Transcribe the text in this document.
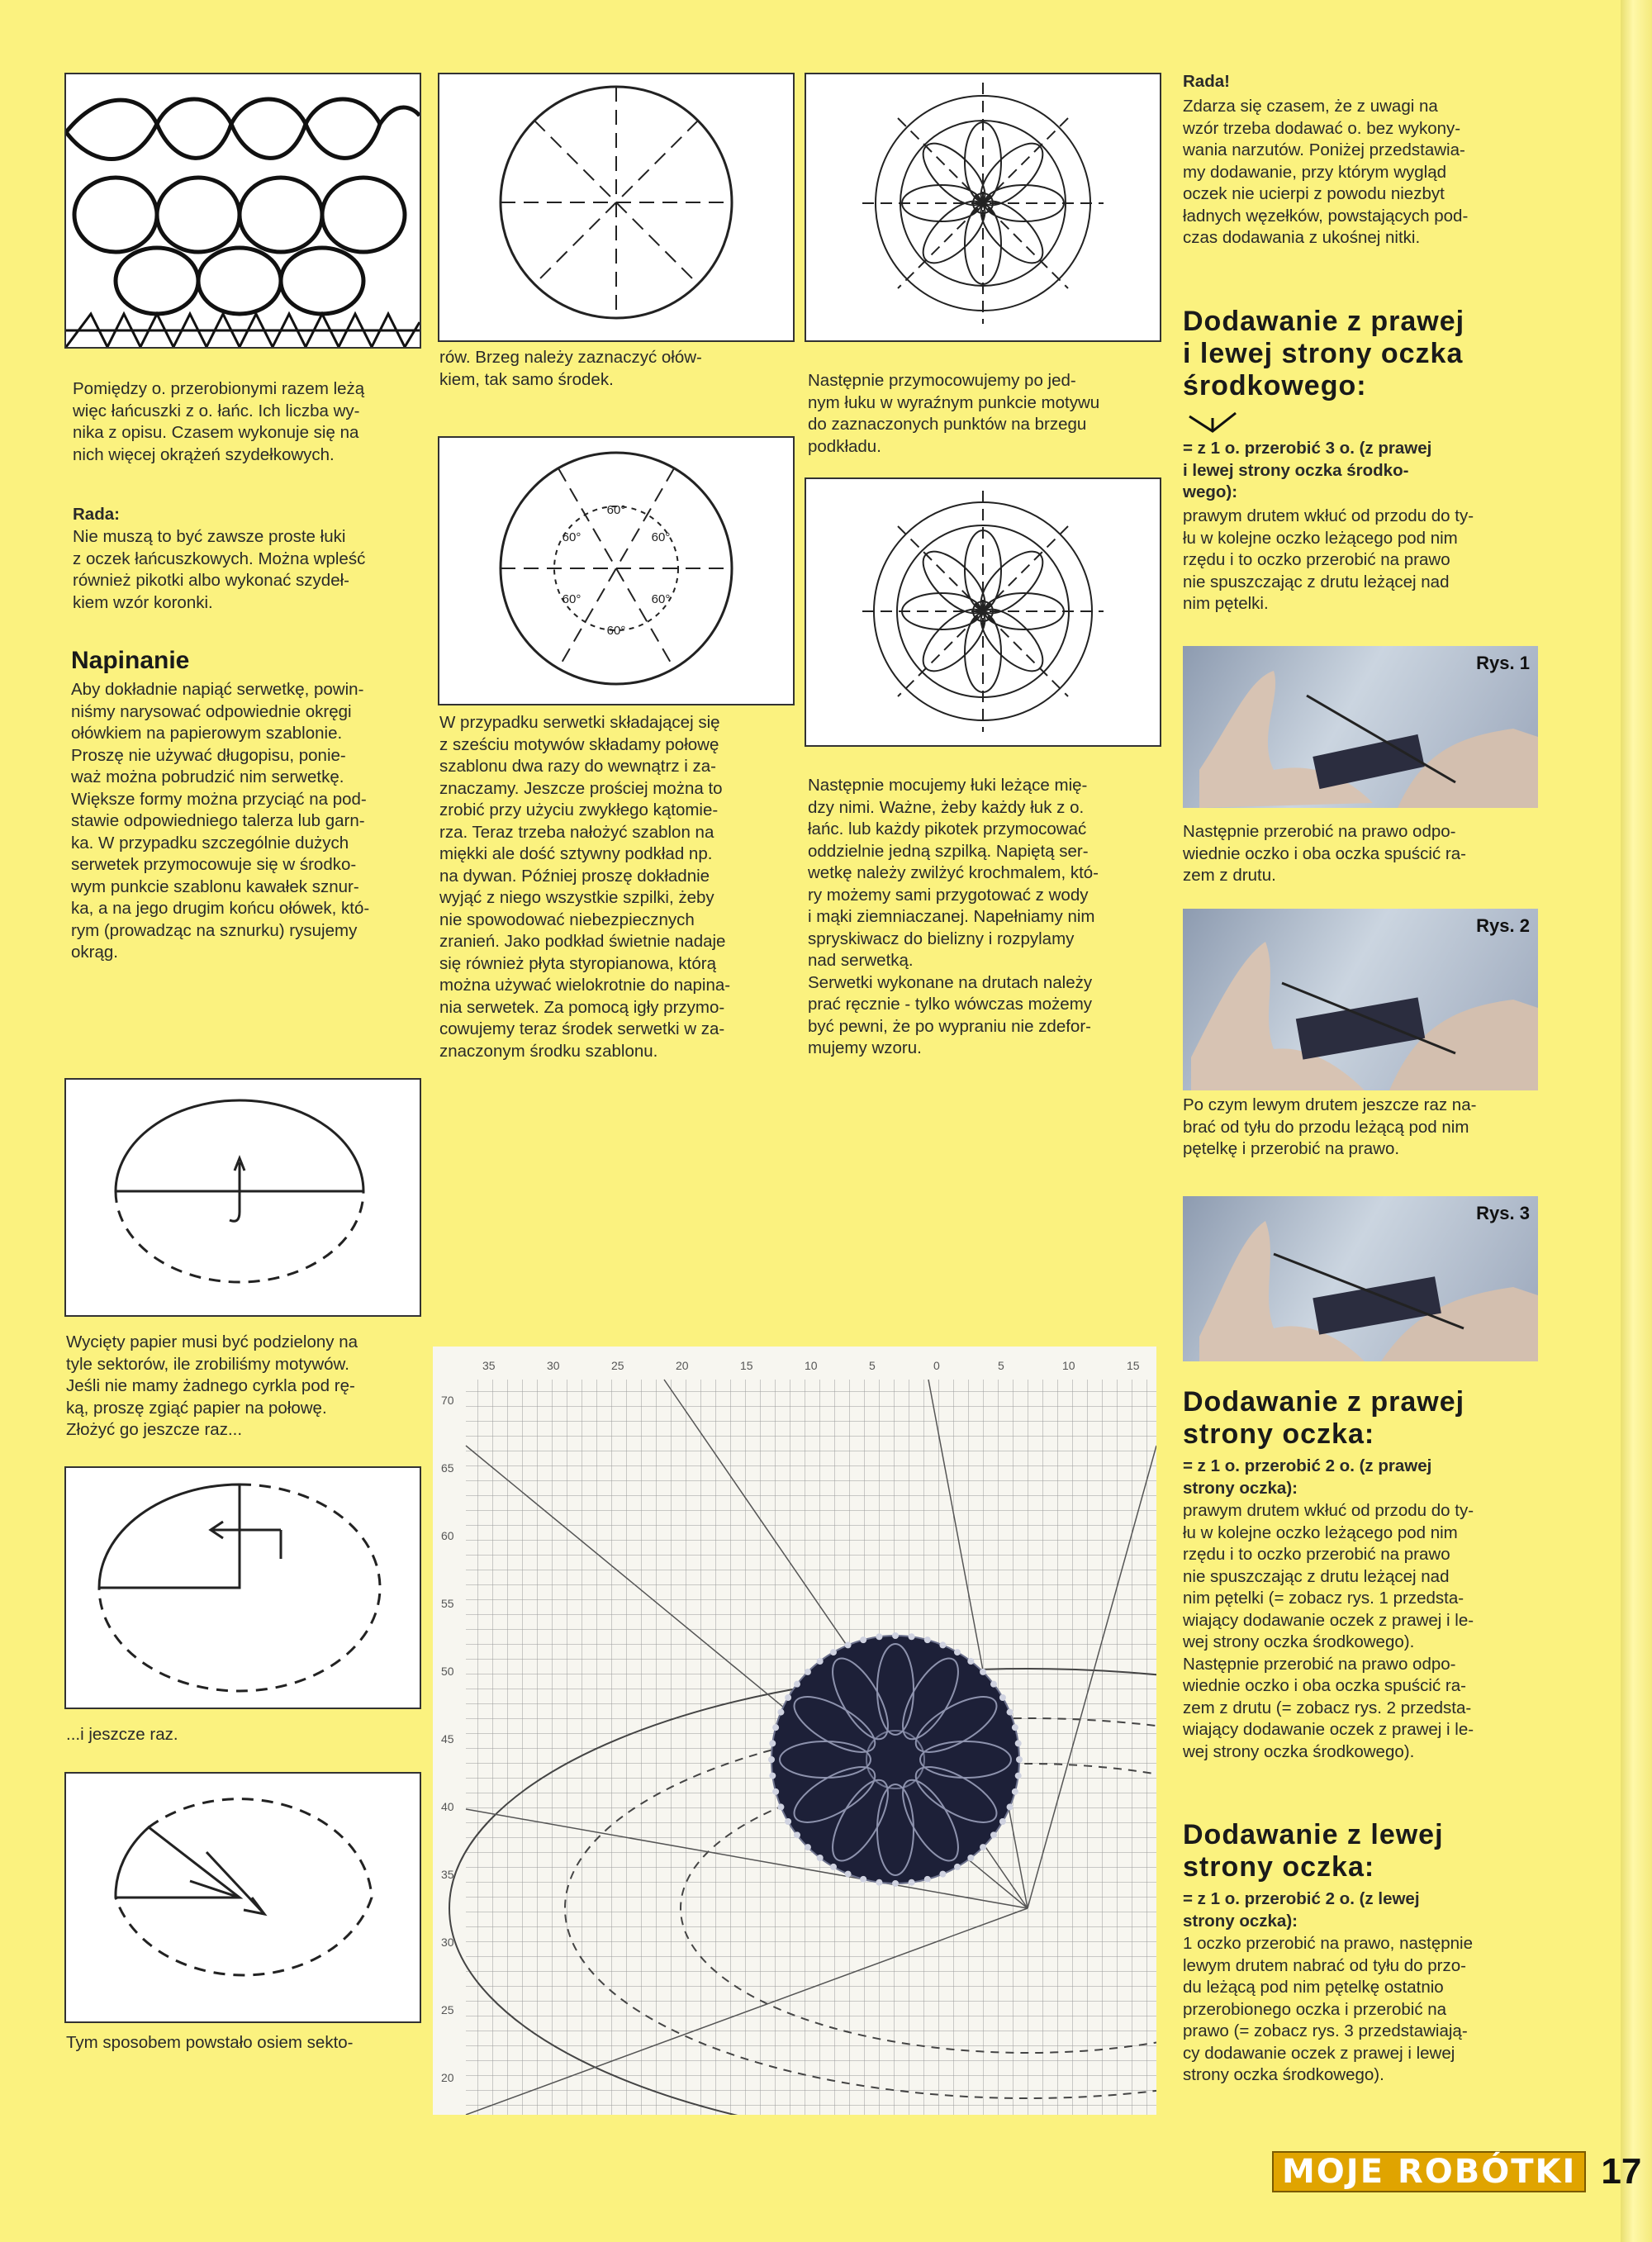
Pomiędzy o. przerobionymi razem leżą
więc łańcuszki z o. łańc. Ich liczba wy-
nika z opisu. Czasem wykonuje się na
nich więcej okrążeń szydełkowych.
Rada:
Nie muszą to być zawsze proste łuki
z oczek łańcuszkowych. Można wpleść
również pikotki albo wykonać szydeł-
kiem wzór koronki.
Napinanie
Aby dokładnie napiąć serwetkę, powin-
niśmy narysować odpowiednie okręgi
ołówkiem na papierowym szablonie.
Proszę nie używać długopisu, ponie-
waż można pobrudzić nim serwetkę.
Większe formy można przyciąć na pod-
stawie odpowiedniego talerza lub garn-
ka. W przypadku szczególnie dużych
serwetek przymocowuje się w środko-
wym punkcie szablonu kawałek sznur-
ka, a na jego drugim końcu ołówek, któ-
rym (prowadząc na sznurku) rysujemy
okrąg.
Wycięty papier musi być podzielony na
tyle sektorów, ile zrobiliśmy motywów.
Jeśli nie mamy żadnego cyrkla pod rę-
ką, proszę zgiąć papier na połowę.
Złożyć go jeszcze raz...
...i jeszcze raz.
Tym sposobem powstało osiem sekto-
rów. Brzeg należy zaznaczyć ołów-
kiem, tak samo środek.
60°
60°
60°	60°
60°	60°
W przypadku serwetki składającej się
z sześciu motywów składamy połowę
szablonu dwa razy do wewnątrz i za-
znaczamy. Jeszcze prościej można to
zrobić przy użyciu zwykłego kątomie-
rza. Teraz trzeba nałożyć szablon na
miękki ale dość sztywny podkład np.
na dywan. Później proszę dokładnie
wyjąć z niego wszystkie szpilki, żeby
nie spowodować niebezpiecznych
zranień. Jako podkład świetnie nadaje
się również płyta styropianowa, którą
można używać wielokrotnie do napina-
nia serwetek. Za pomocą igły przymo-
cowujemy teraz środek serwetki w za-
znaczonym środku szablonu.
Następnie przymocowujemy po jed-
nym łuku w wyraźnym punkcie motywu
do zaznaczonych punktów na brzegu
podkładu.
Następnie mocujemy łuki leżące mię-
dzy nimi. Ważne, żeby każdy łuk z o.
łańc. lub każdy pikotek przymocować
oddzielnie jedną szpilką. Napiętą ser-
wetkę należy zwilżyć krochmalem, któ-
ry możemy sami przygotować z wody
i mąki ziemniaczanej. Napełniamy nim
spryskiwacz do bielizny i rozpylamy
nad serwetką.
Serwetki wykonane na drutach należy
prać ręcznie - tylko wówczas możemy
być pewni, że po wypraniu nie zdefor-
mujemy wzoru.
35	30	25	20	15	10	5	0	5	10	15
70
65
60
55
50
45
40
35
30
25
20
Rada!
Zdarza się czasem, że z uwagi na
wzór trzeba dodawać o. bez wykony-
wania narzutów. Poniżej przedstawia-
my dodawanie, przy którym wygląd
oczek nie ucierpi z powodu niezbyt
ładnych węzełków, powstających pod-
czas dodawania z ukośnej nitki.
Dodawanie z prawej
i lewej strony oczka
środkowego:
= z 1 o. przerobić 3 o. (z prawej
i lewej strony oczka środko-
wego):
prawym drutem wkłuć od przodu do ty-
łu w kolejne oczko leżącego pod nim
rzędu i to oczko przerobić na prawo
nie spuszczając z drutu leżącej nad
nim pętelki.
Rys. 1
Następnie przerobić na prawo odpo-
wiednie oczko i oba oczka spuścić ra-
zem z drutu.
Rys. 2
Po czym lewym drutem jeszcze raz na-
brać od tyłu do przodu leżącą pod nim
pętelkę i przerobić na prawo.
Rys. 3
Dodawanie z prawej
strony oczka:
= z 1 o. przerobić 2 o. (z prawej
strony oczka):
prawym drutem wkłuć od przodu do ty-
łu w kolejne oczko leżącego pod nim
rzędu i to oczko przerobić na prawo
nie spuszczając z drutu leżącej nad
nim pętelki (= zobacz rys. 1 przedsta-
wiający dodawanie oczek z prawej i le-
wej strony oczka środkowego).
Następnie przerobić na prawo odpo-
wiednie oczko i oba oczka spuścić ra-
zem z drutu (= zobacz rys. 2 przedsta-
wiający dodawanie oczek z prawej i le-
wej strony oczka środkowego).
Dodawanie z lewej
strony oczka:
= z 1 o. przerobić 2 o. (z lewej
strony oczka):
1 oczko przerobić na prawo, następnie
lewym drutem nabrać od tyłu do przo-
du leżącą pod nim pętelkę ostatnio
przerobionego oczka i przerobić na
prawo (= zobacz rys. 3 przedstawiają-
cy dodawanie oczek z prawej i lewej
strony oczka środkowego).
MOJE ROBÓTKI 17
